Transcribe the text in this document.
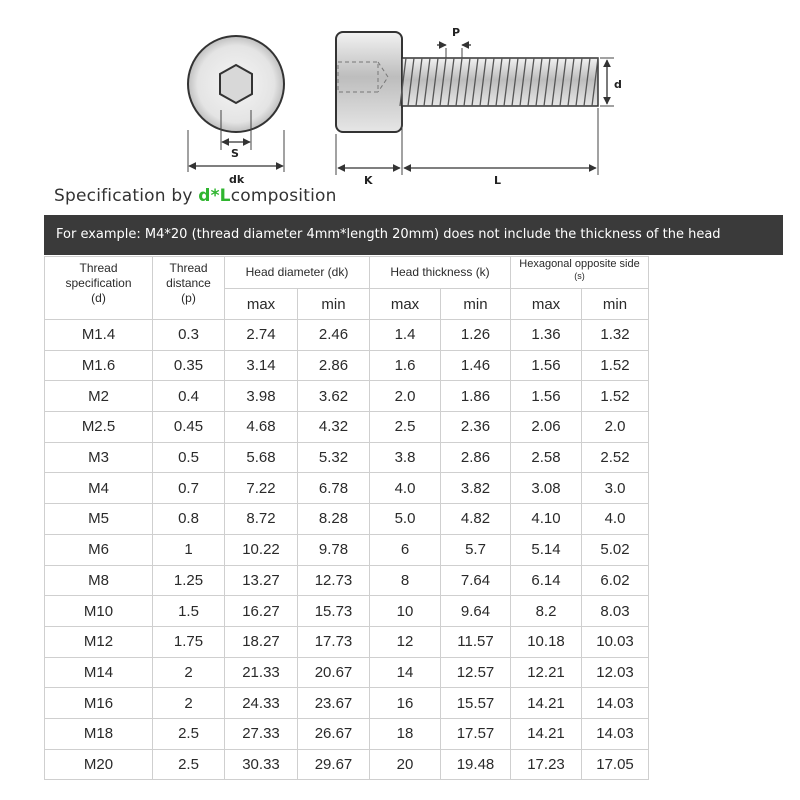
S
dk
P
d
K	L
Specification by d*Lcomposition
For example: M4*20 (thread diameter 4mm*length 20mm) does not include the thickness of the head
Thread
specification
(d)	Thread
distance
(p)	Head diameter (dk)		Head thickness (k)		Hexagonal opposite side
(s)	

		max	min	max	min	max	min
M1.4	0.3	2.74	2.46	1.4	1.26	1.36	1.32
M1.6	0.35	3.14	2.86	1.6	1.46	1.56	1.52
M2	0.4	3.98	3.62	2.0	1.86	1.56	1.52
M2.5	0.45	4.68	4.32	2.5	2.36	2.06	2.0
M3	0.5	5.68	5.32	3.8	2.86	2.58	2.52
M4	0.7	7.22	6.78	4.0	3.82	3.08	3.0
M5	0.8	8.72	8.28	5.0	4.82	4.10	4.0
M6	1	10.22	9.78	6	5.7	5.14	5.02
M8	1.25	13.27	12.73	8	7.64	6.14	6.02
M10	1.5	16.27	15.73	10	9.64	8.2	8.03
M12	1.75	18.27	17.73	12	11.57	10.18	10.03
M14	2	21.33	20.67	14	12.57	12.21	12.03
M16	2	24.33	23.67	16	15.57	14.21	14.03
M18	2.5	27.33	26.67	18	17.57	14.21	14.03
M20	2.5	30.33	29.67	20	19.48	17.23	17.05
